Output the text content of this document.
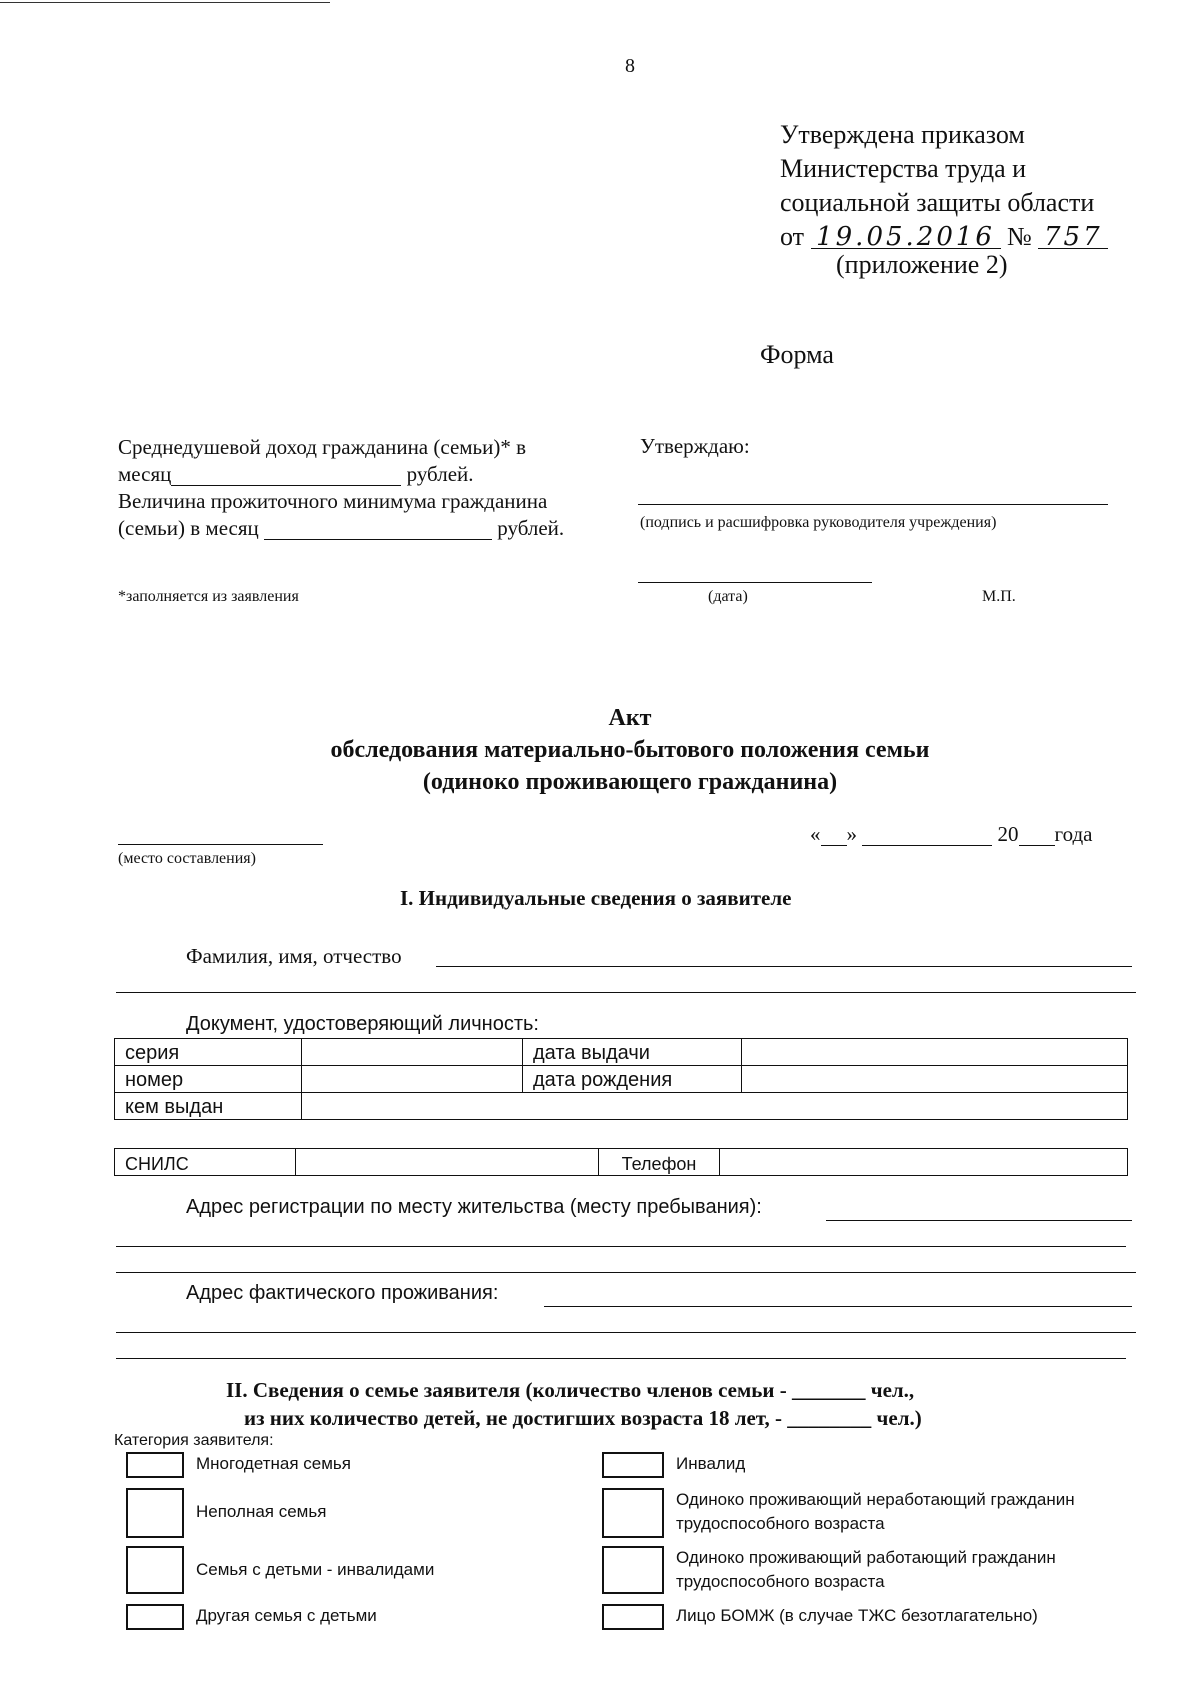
8
Утверждена приказом
Министерства труда и
социальной защиты области
от 19.05.2016 № 757
(приложение 2)
Форма
Среднедушевой доход гражданина (семьи)* в
месяц	рублей.
Величина прожиточного минимума гражданина
(семьи) в месяц	рублей.
*заполняется из заявления
Утверждаю:
(подпись и расшифровка руководителя учреждения)
(дата)	М.П.
Акт
обследования материально-бытового положения семьи
(одиноко проживающего гражданина)
(место составления)
« »	20 года
I. Индивидуальные сведения о заявителе
Фамилия, имя, отчество
Документ, удостоверяющий личность:
серия		дата выдачи	
номер		дата рождения	
кем выдан			
СНИЛС		Телефон	
Адрес регистрации по месту жительства (месту пребывания):
Адрес фактического проживания:
II. Сведения о семье заявителя (количество членов семьи - _______ чел.,
из них количество детей, не достигших возраста 18 лет, - ________ чел.)
Категория заявителя:
Многодетная семья
Неполная семья
Семья с детьми - инвалидами
Другая семья с детьми
Инвалид
Одиноко проживающий неработающий гражданин трудоспособного возраста
Одиноко проживающий работающий гражданин трудоспособного возраста
Лицо БОМЖ (в случае ТЖС безотлагательно)
